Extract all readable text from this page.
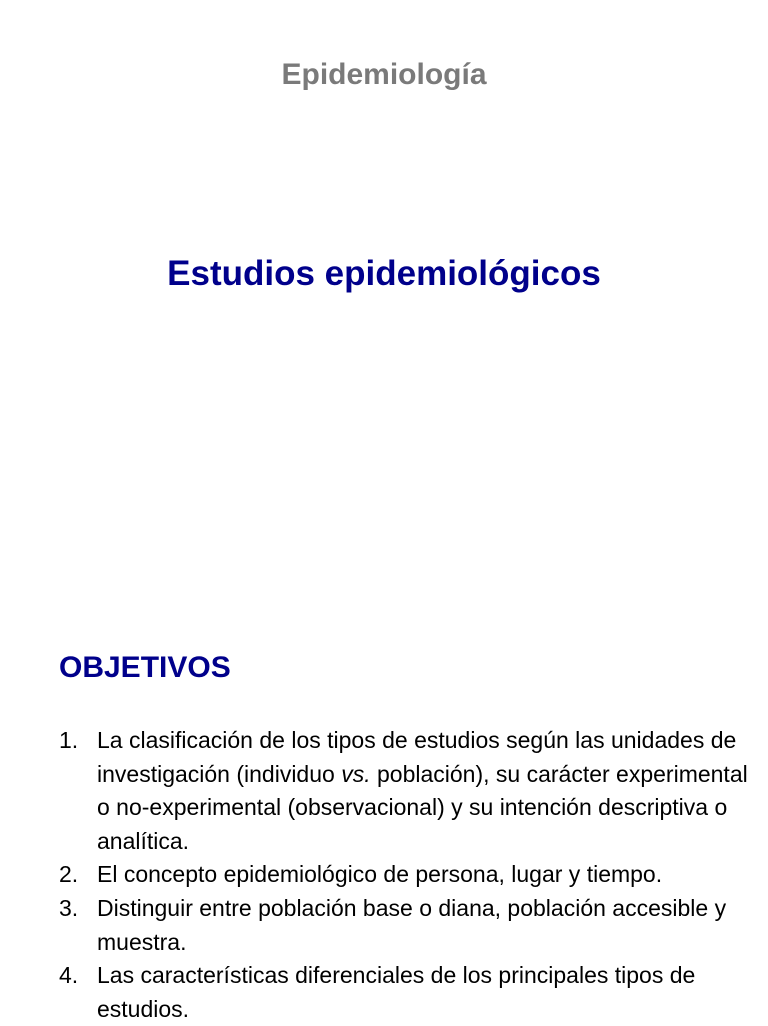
Epidemiología
Estudios epidemiológicos
OBJETIVOS
1. La clasificación de los tipos de estudios según las unidades de investigación (individuo vs. población), su carácter experimental o no-experimental (observacional) y su intención descriptiva o analítica.
2. El concepto epidemiológico de persona, lugar y tiempo.
3. Distinguir entre población base o diana, población accesible y muestra.
4. Las características diferenciales de los principales tipos de estudios.
